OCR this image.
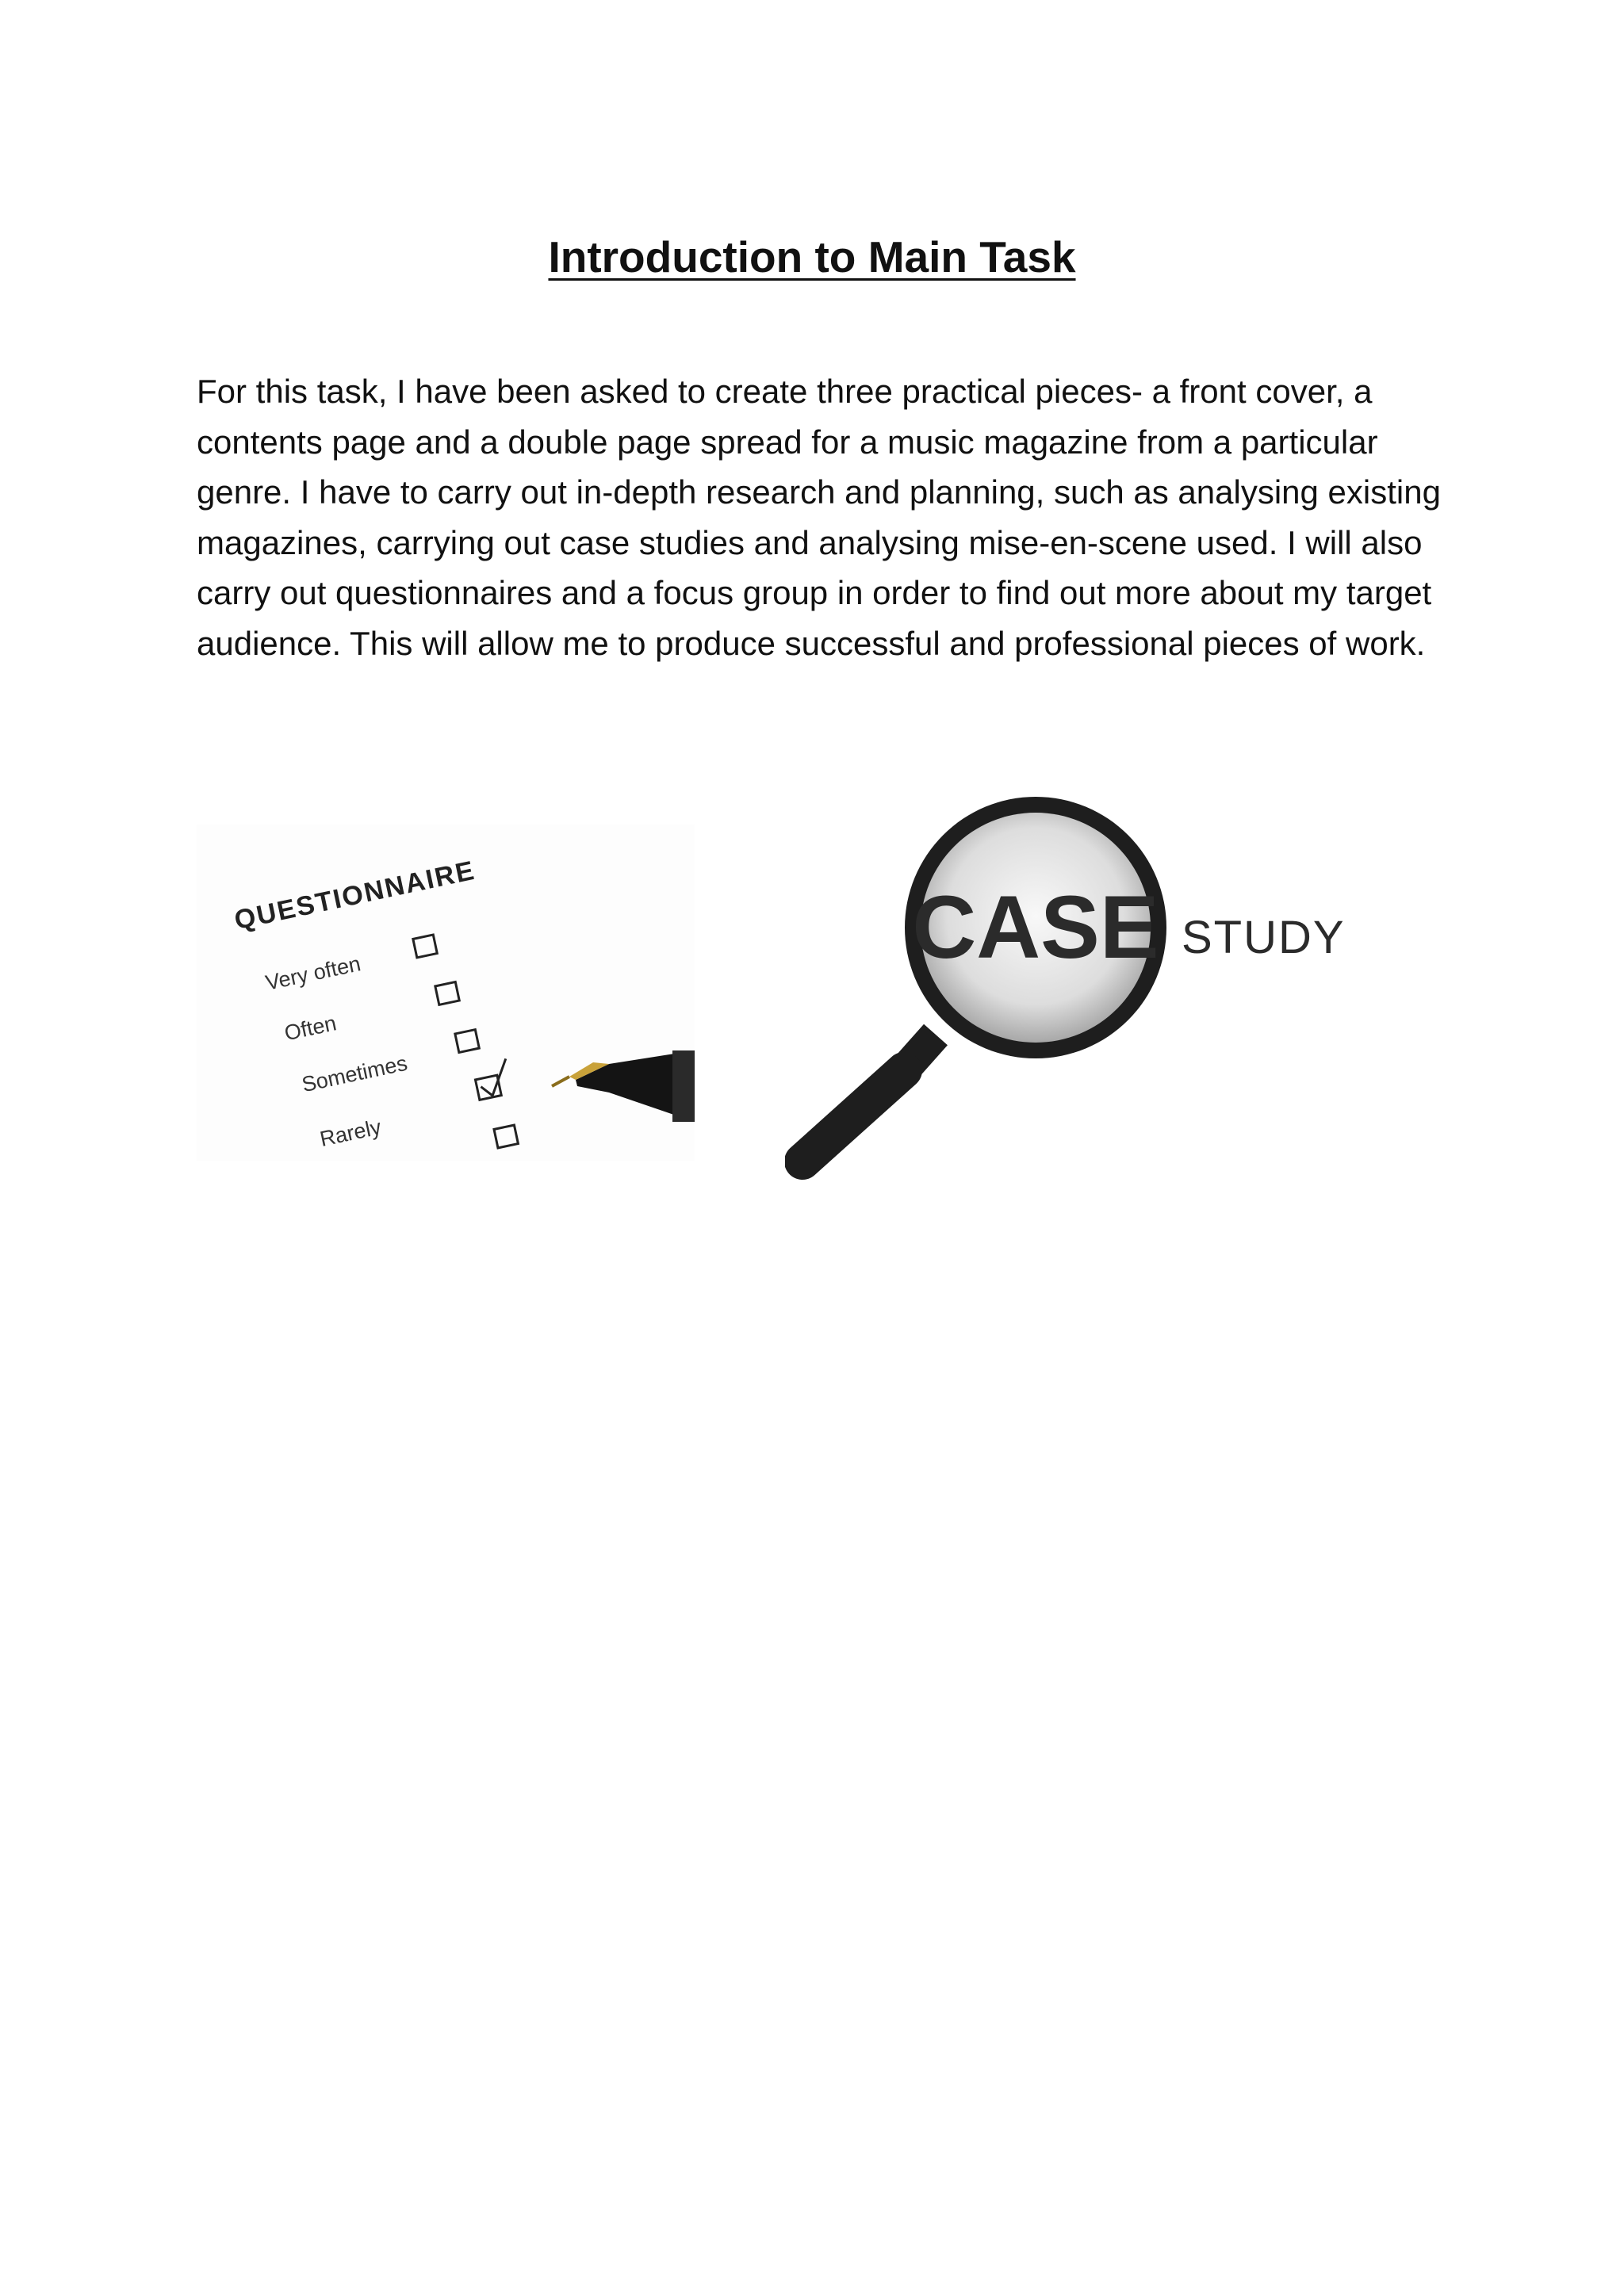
Introduction to Main Task

For this task, I have been asked to create three practical pieces- a front cover, a contents page and a double page spread for a music magazine from a particular genre. I have to carry out in-depth research and planning, such as analysing existing magazines, carrying out case studies and analysing mise-en-scene used. I will also carry out questionnaires and a focus group in order to find out more about my target audience. This will allow me to produce successful and professional pieces of work.

QUESTIONNAIRE
Very often
Often
Sometimes
Rarely
CASE STUDY
